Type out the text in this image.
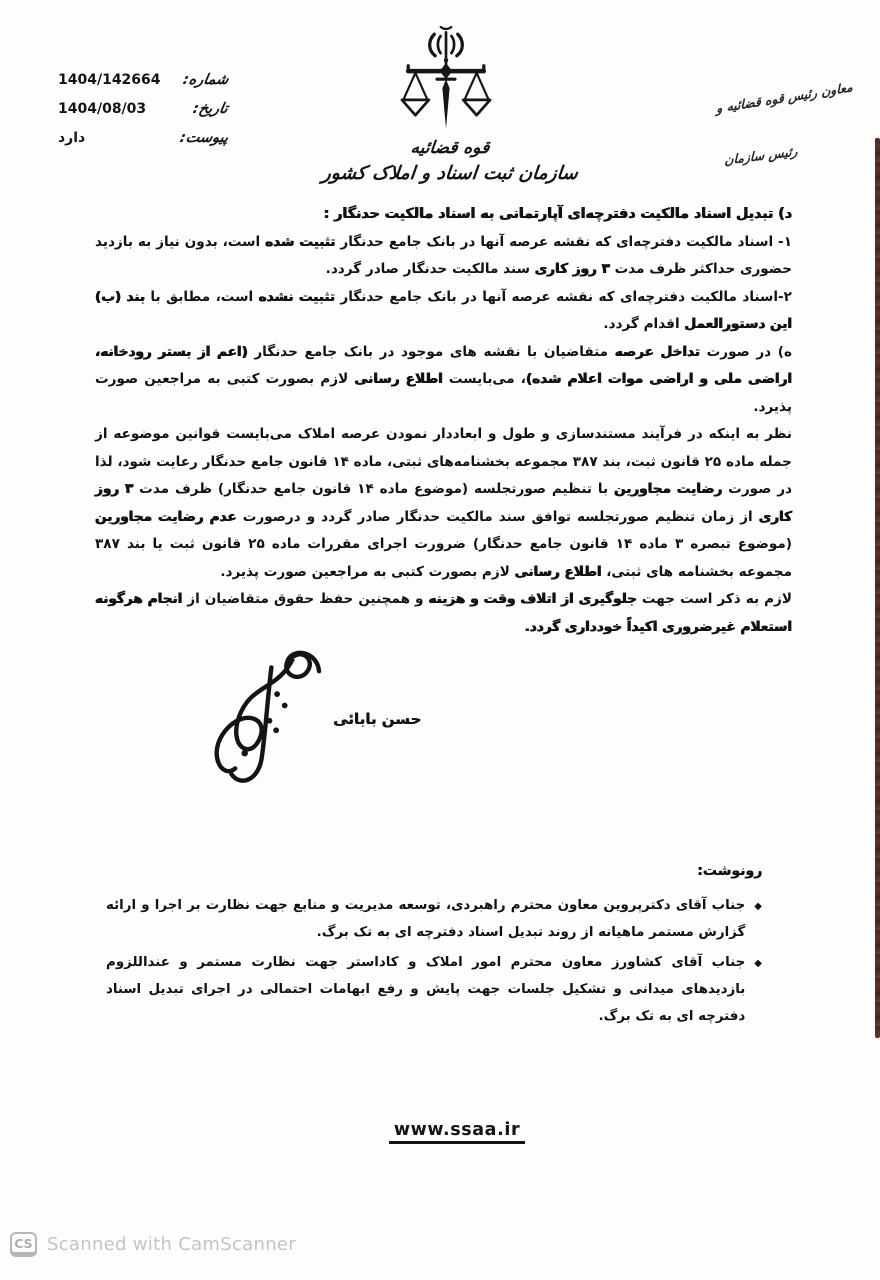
قوه قضائیه
سازمان ثبت اسناد و املاک کشور
شماره:
1404/142664
تاریخ:
1404/08/03
پیوست:
دارد
معاون رئیس قوه قضائیه و
رئیس سازمان

د) تبدیل اسناد مالکیت دفترچه‌ای آپارتمانی به اسناد مالکیت حدنگار :

۱- اسناد مالکیت دفترچه‌ای که نقشه عرصه آنها در بانک جامع حدنگار تثبیت شده است، بدون نیاز به بازدید حضوری حداکثر ظرف مدت ۳ روز کاری سند مالکیت حدنگار صادر گردد.

۲-اسناد مالکیت دفترچه‌ای که نقشه عرصه آنها در بانک جامع حدنگار تثبیت نشده است، مطابق با بند (ب) این دستورالعمل اقدام گردد.

ه) در صورت تداخل عرصه متقاضیان با نقشه های موجود در بانک جامع حدنگار (اعم از بستر رودخانه، اراضی ملی و اراضی موات اعلام شده)، می‌بایست اطلاع رسانی لازم بصورت کتبی به مراجعین صورت پذیرد.

نظر به اینکه در فرآیند مستندسازی و طول و ابعاددار نمودن عرصه املاک می‌بایست قوانین موضوعه از جمله ماده ۲۵ قانون ثبت، بند ۳۸۷ مجموعه بخشنامه‌های ثبتی، ماده ۱۴ قانون جامع حدنگار رعایت شود، لذا در صورت رضایت مجاورین با تنظیم صورتجلسه (موضوع ماده ۱۴ قانون جامع حدنگار) ظرف مدت ۳ روز کاری از زمان تنظیم صورتجلسه توافق سند مالکیت حدنگار صادر گردد و درصورت عدم رضایت مجاورین (موضوع تبصره ۳ ماده ۱۴ قانون جامع حدنگار) ضرورت اجرای مقررات ماده ۲۵ قانون ثبت یا بند ۳۸۷ مجموعه بخشنامه های ثبتی، اطلاع رسانی لازم بصورت کتبی به مراجعین صورت پذیرد.

لازم به ذکر است جهت جلوگیری از اتلاف وقت و هزینه و همچنین حفظ حقوق متقاضیان از انجام هرگونه استعلام غیرضروری اکیداً خودداری گردد.

حسن بابائی
رونوشت:
◆
جناب آقای دکترپروین معاون محترم راهبردی، توسعه مدیریت و منابع جهت نظارت بر اجرا و ارائه گزارش مستمر ماهیانه از روند تبدیل اسناد دفترچه ای به تک برگ.
◆
جناب آقای کشاورز معاون محترم امور املاک و کاداستر جهت نظارت مستمر و عنداللزوم بازدیدهای میدانی و تشکیل جلسات جهت پایش و رفع ابهامات احتمالی در اجرای تبدیل اسناد دفترچه ای به تک برگ.
www.ssaa.ir
CS Scanned with CamScanner
